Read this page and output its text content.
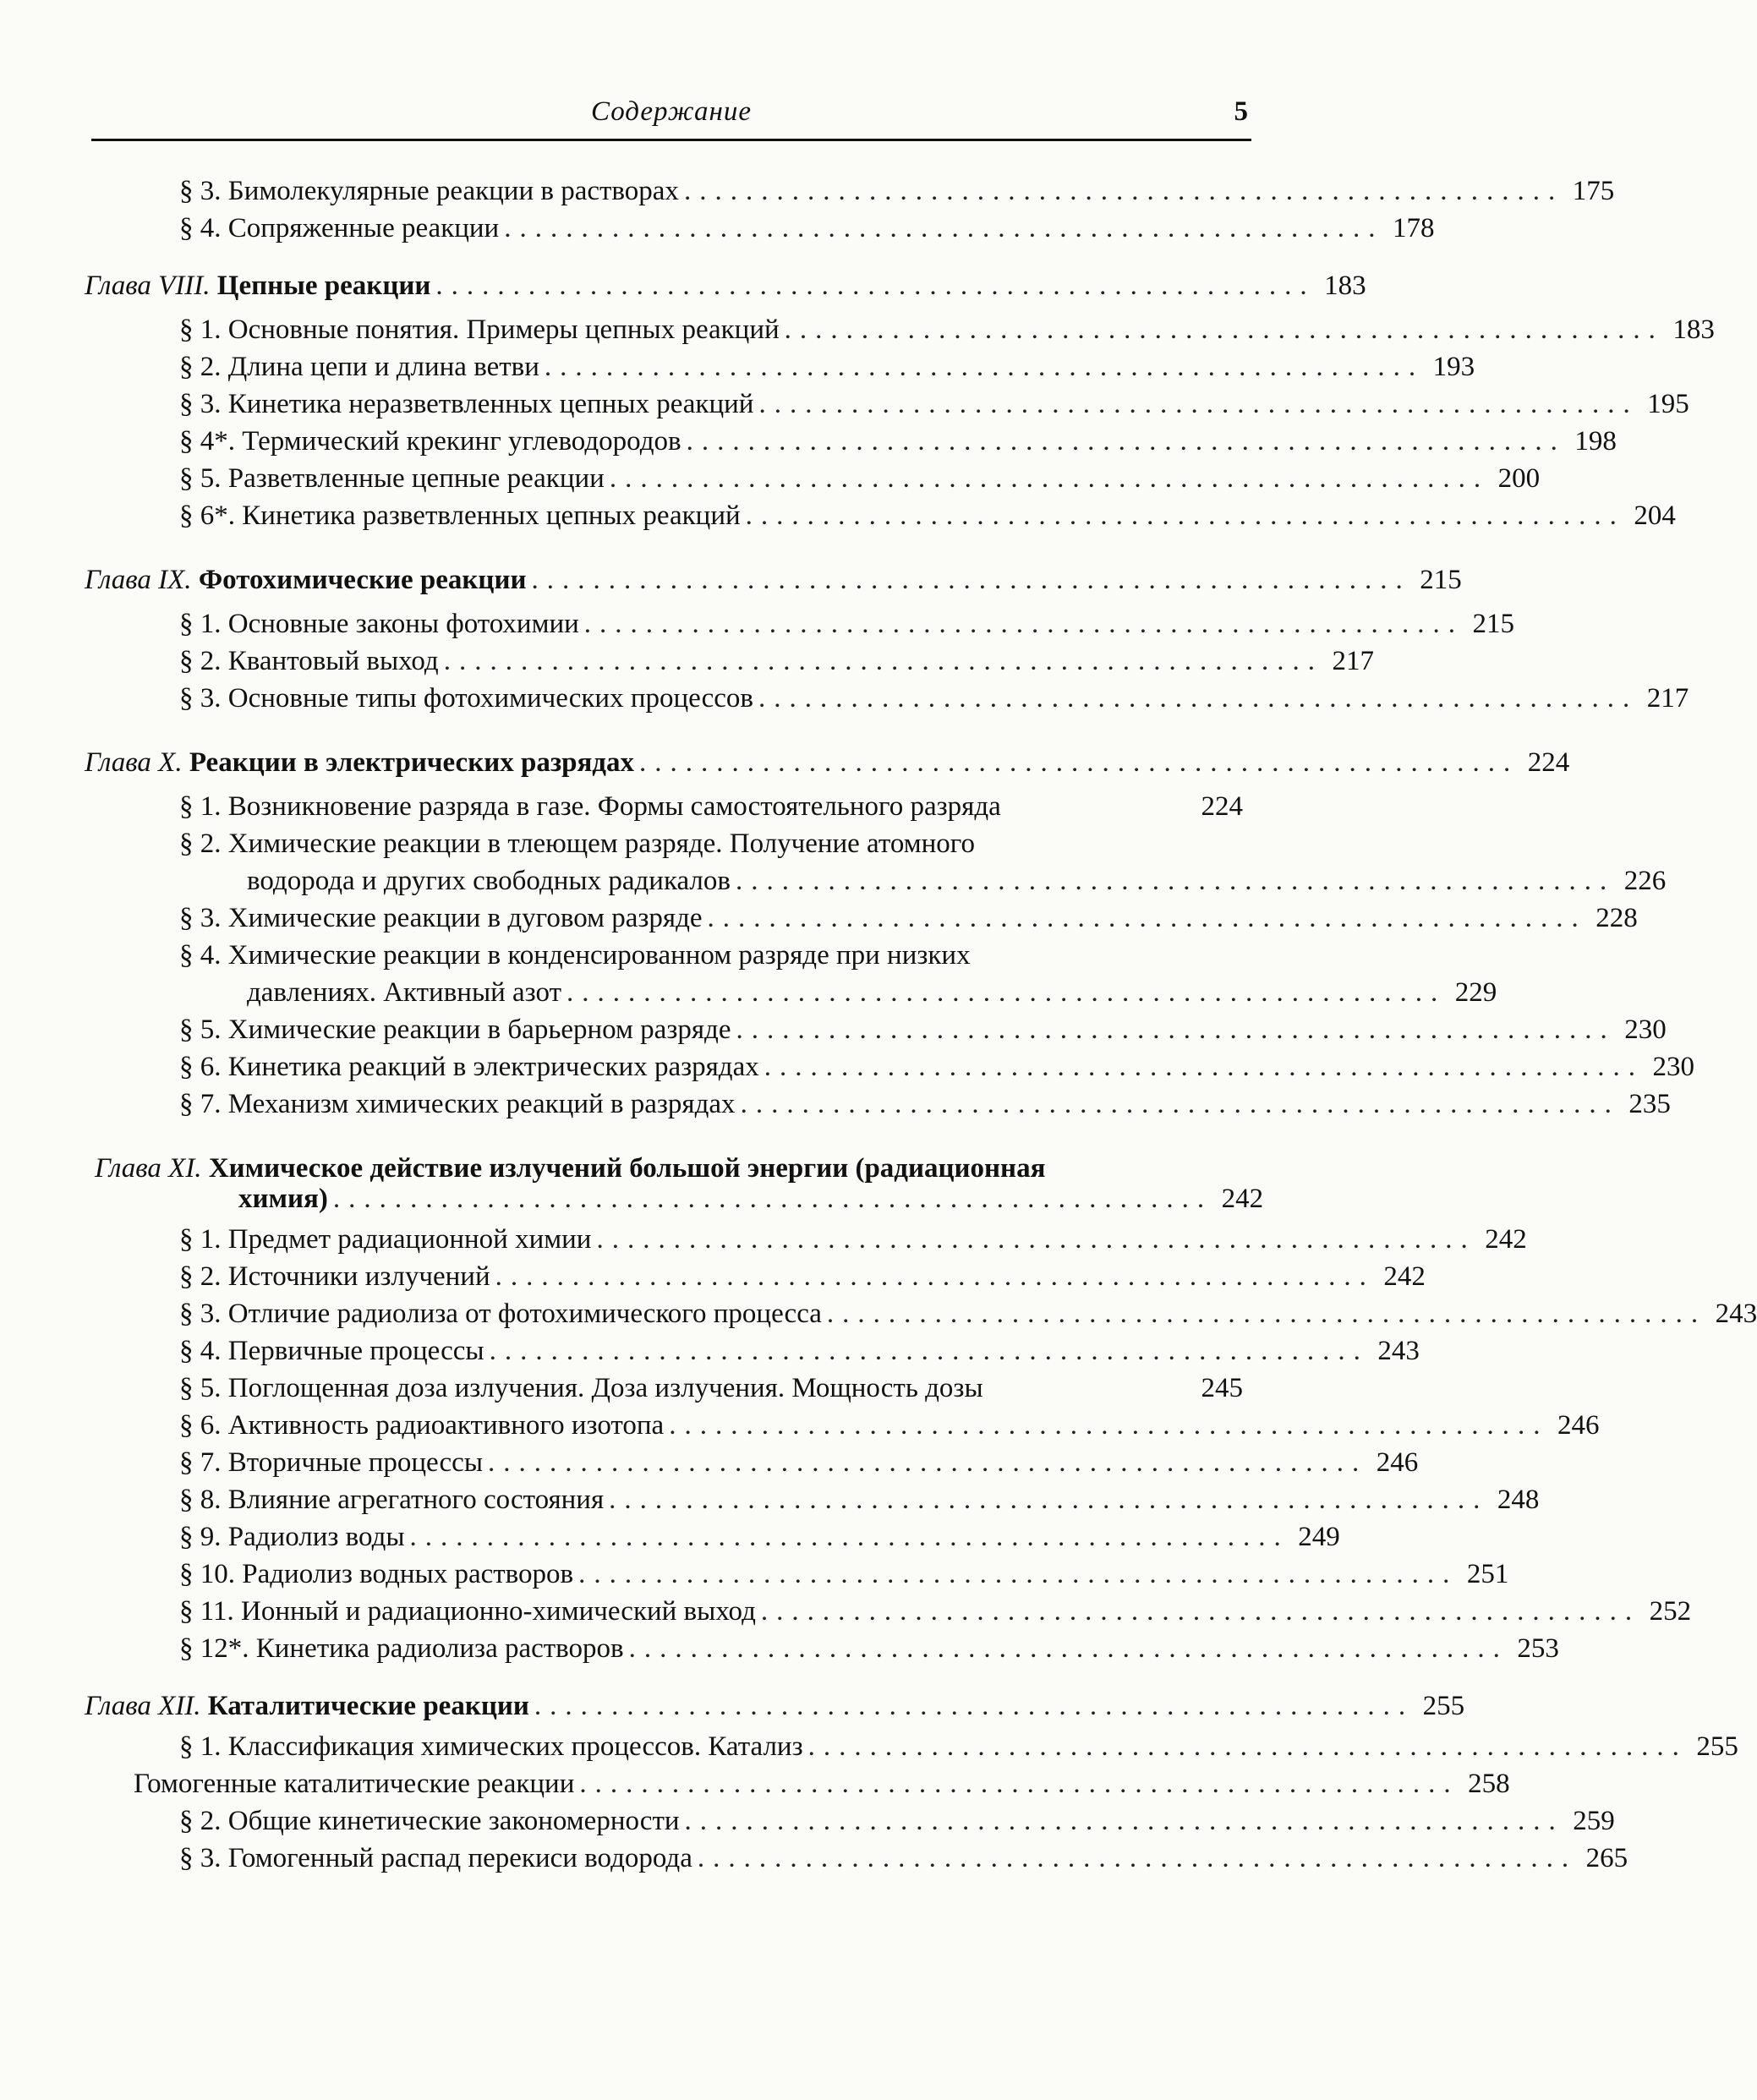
Содержание	5
§ 3. Бимолекулярные реакции в растворах ......................................................... 175
§ 4. Сопряженные реакции ......................................................... 178
Глава VIII. Цепные реакции ......................................................... 183
§ 1. Основные понятия. Примеры цепных реакций ......................................................... 183
§ 2. Длина цепи и длина ветви ......................................................... 193
§ 3. Кинетика неразветвленных цепных реакций ......................................................... 195
§ 4*. Термический крекинг углеводородов ......................................................... 198
§ 5. Разветвленные цепные реакции ......................................................... 200
§ 6*. Кинетика разветвленных цепных реакций ......................................................... 204
Глава IX. Фотохимические реакции ......................................................... 215
§ 1. Основные законы фотохимии ......................................................... 215
§ 2. Квантовый выход ......................................................... 217
§ 3. Основные типы фотохимических процессов ......................................................... 217
Глава X. Реакции в электрических разрядах ......................................................... 224
§ 1. Возникновение разряда в газе. Формы самостоятельного разряда	224
§ 2. Химические реакции в тлеющем разряде. Получение атомного
водорода и других свободных радикалов ......................................................... 226
§ 3. Химические реакции в дуговом разряде ......................................................... 228
§ 4. Химические реакции в конденсированном разряде при низких
давлениях. Активный азот ......................................................... 229
§ 5. Химические реакции в барьерном разряде ......................................................... 230
§ 6. Кинетика реакций в электрических разрядах ......................................................... 230
§ 7. Механизм химических реакций в разрядах ......................................................... 235
Глава XI. Химическое действие излучений большой энергии (радиационная
химия) ......................................................... 242
§ 1. Предмет радиационной химии ......................................................... 242
§ 2. Источники излучений ......................................................... 242
§ 3. Отличие радиолиза от фотохимического процесса ......................................................... 243
§ 4. Первичные процессы ......................................................... 243
§ 5. Поглощенная доза излучения. Доза излучения. Мощность дозы	245
§ 6. Активность радиоактивного изотопа ......................................................... 246
§ 7. Вторичные процессы ......................................................... 246
§ 8. Влияние агрегатного состояния ......................................................... 248
§ 9. Радиолиз воды ......................................................... 249
§ 10. Радиолиз водных растворов ......................................................... 251
§ 11. Ионный и радиационно-химический выход ......................................................... 252
§ 12*. Кинетика радиолиза растворов ......................................................... 253
Глава XII. Каталитические реакции ......................................................... 255
§ 1. Классификация химических процессов. Катализ ......................................................... 255
Гомогенные каталитические реакции ......................................................... 258
§ 2. Общие кинетические закономерности ......................................................... 259
§ 3. Гомогенный распад перекиси водорода ......................................................... 265
